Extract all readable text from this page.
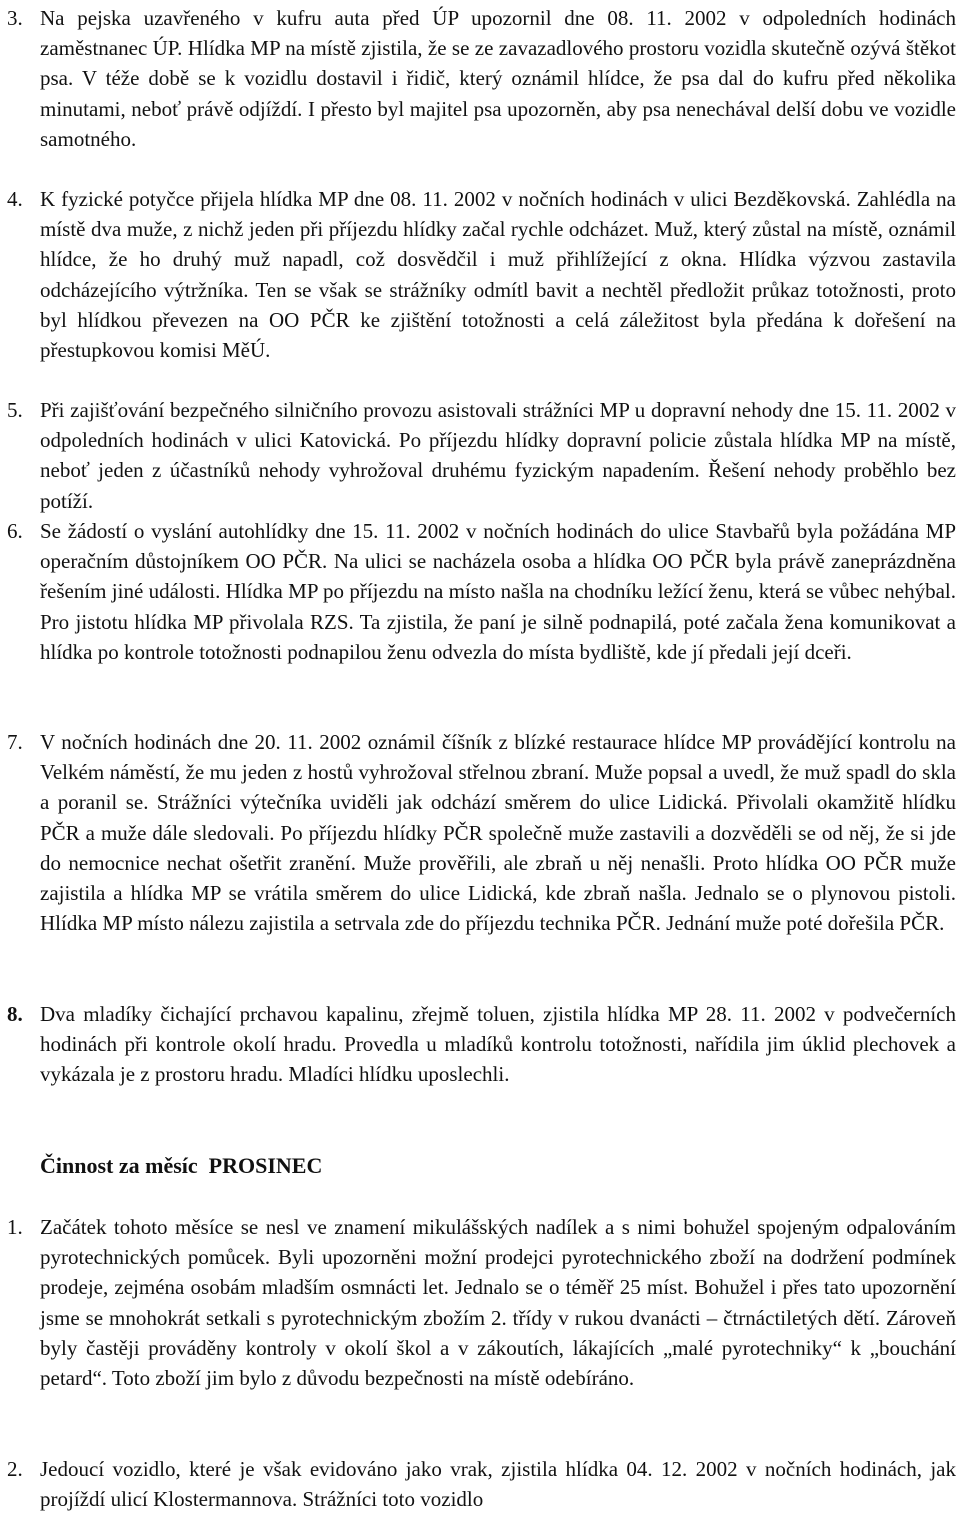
3. Na pejska uzavřeného v kufru auta před ÚP upozornil dne 08. 11. 2002 v odpoledních hodinách zaměstnanec ÚP. Hlídka MP na místě zjistila, že se ze zavazadlového prostoru vozidla skutečně ozývá štěkot psa. V téže době se k vozidlu dostavil i řidič, který oznámil hlídce, že psa dal do kufru před několika minutami, neboť právě odjíždí. I přesto byl majitel psa upozorněn, aby psa nenechával delší dobu ve vozidle samotného.

4. K fyzické potyčce přijela hlídka MP dne 08. 11. 2002 v nočních hodinách v ulici Bezděkovská. Zahlédla na místě dva muže, z nichž jeden při příjezdu hlídky začal rychle odcházet. Muž, který zůstal na místě, oznámil hlídce, že ho druhý muž napadl, což dosvědčil i muž přihlížející z okna. Hlídka výzvou zastavila odcházejícího výtržníka. Ten se však se strážníky odmítl bavit a nechtěl předložit průkaz totožnosti, proto byl hlídkou převezen na OO PČR ke zjištění totožnosti a celá záležitost byla předána k dořešení na přestupkovou komisi MěÚ.

5. Při zajišťování bezpečného silničního provozu asistovali strážníci MP u dopravní nehody dne 15. 11. 2002 v odpoledních hodinách v ulici Katovická. Po příjezdu hlídky dopravní policie zůstala hlídka MP na místě, neboť jeden z účastníků nehody vyhrožoval druhému fyzickým napadením. Řešení nehody proběhlo bez potíží.

6. Se žádostí o vyslání autohlídky dne 15. 11. 2002 v nočních hodinách do ulice Stavbařů byla požádána MP operačním důstojníkem OO PČR. Na ulici se nacházela osoba a hlídka OO PČR byla právě zaneprázdněna řešením jiné události. Hlídka MP po příjezdu na místo našla na chodníku ležící ženu, která se vůbec nehýbal. Pro jistotu hlídka MP přivolala RZS. Ta zjistila, že paní je silně podnapilá, poté začala žena komunikovat a hlídka po kontrole totožnosti podnapilou ženu odvezla do místa bydliště, kde jí předali její dceři.

7. V nočních hodinách dne 20. 11. 2002 oznámil číšník z blízké restaurace hlídce MP provádějící kontrolu na Velkém náměstí, že mu jeden z hostů vyhrožoval střelnou zbraní. Muže popsal a uvedl, že muž spadl do skla a poranil se. Strážníci výtečníka uviděli jak odchází směrem do ulice Lidická. Přivolali okamžitě hlídku PČR a muže dále sledovali. Po příjezdu hlídky PČR společně muže zastavili a dozvěděli se od něj, že si jde do nemocnice nechat ošetřit zranění. Muže prověřili, ale zbraň u něj nenašli. Proto hlídka OO PČR muže zajistila a hlídka MP se vrátila směrem do ulice Lidická, kde zbraň našla. Jednalo se o plynovou pistoli. Hlídka MP místo nálezu zajistila a setrvala zde do příjezdu technika PČR. Jednání muže poté dořešila PČR.

8. Dva mladíky čichající prchavou kapalinu, zřejmě toluen, zjistila hlídka MP 28. 11. 2002 v podvečerních hodinách při kontrole okolí hradu. Provedla u mladíků kontrolu totožnosti, nařídila jim úklid plechovek a vykázala je z prostoru hradu. Mladíci hlídku uposlechli.

Činnost za měsíc  PROSINEC
1. Začátek tohoto měsíce se nesl ve znamení mikulášských nadílek a s nimi bohužel spojeným odpalováním pyrotechnických pomůcek. Byli upozorněni možní prodejci pyrotechnického zboží na dodržení podmínek prodeje, zejména osobám mladším osmnácti let. Jednalo se o téměř 25 míst. Bohužel i přes tato upozornění jsme se mnohokrát setkali s pyrotechnickým zbožím 2. třídy v rukou dvanácti – čtrnáctiletých dětí. Zároveň byly častěji prováděny kontroly v okolí škol a v zákoutích, lákajících „malé pyrotechniky“ k „bouchání petard“. Toto zboží jim bylo z důvodu bezpečnosti na místě odebíráno.

2. Jedoucí vozidlo, které je však evidováno jako vrak, zjistila hlídka 04. 12. 2002 v nočních hodinách, jak projíždí ulicí Klostermannova. Strážníci toto vozidlo
